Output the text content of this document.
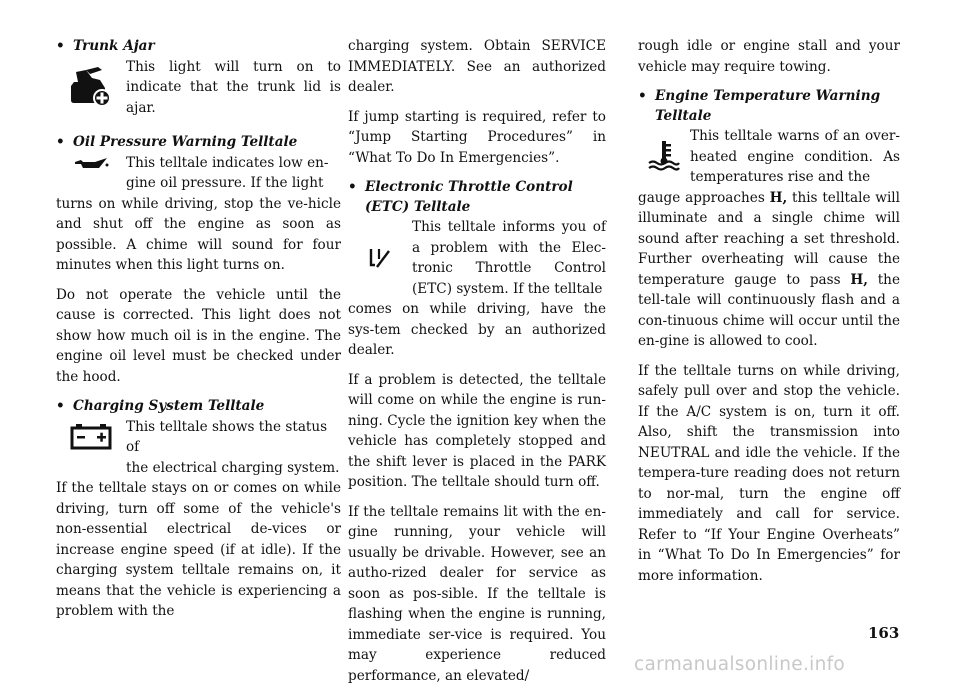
• Trunk Ajar
This light will turn on to indicate that the trunk lid is ajar.
• Oil Pressure Warning Telltale
This telltale indicates low en-
gine oil pressure. If the light

turns on while driving, stop the ve-hicle and shut off the engine as soon as possible. A chime will sound for four minutes when this light turns on.

Do not operate the vehicle until the cause is corrected. This light does not show how much oil is in the engine. The engine oil level must be checked under the hood.

• Charging System Telltale
This telltale shows the status of
the electrical charging system.

If the telltale stays on or comes on while driving, turn off some of the vehicle's non-essential electrical de-vices or increase engine speed (if at idle). If the charging system telltale remains on, it means that the vehicle is experiencing a problem with the

charging system. Obtain SERVICE IMMEDIATELY. See an authorized dealer.

If jump starting is required, refer to “Jump Starting Procedures” in “What To Do In Emergencies”.

• Electronic Throttle Control
(ETC) Telltale
This telltale informs you of a problem with the Elec-tronic Throttle Control (ETC) system. If the telltale

comes on while driving, have the sys-tem checked by an authorized dealer.

If a problem is detected, the telltale will come on while the engine is run-ning. Cycle the ignition key when the vehicle has completely stopped and the shift lever is placed in the PARK position. The telltale should turn off.

If the telltale remains lit with the en-gine running, your vehicle will usually be drivable. However, see an autho-rized dealer for service as soon as pos-sible. If the telltale is flashing when the engine is running, immediate ser-vice is required. You may experience reduced performance, an elevated/

rough idle or engine stall and your vehicle may require towing.

• Engine Temperature Warning
Telltale
This telltale warns of an over-heated engine condition. As temperatures rise and the

gauge approaches H, this telltale will illuminate and a single chime will sound after reaching a set threshold. Further overheating will cause the temperature gauge to pass H, the tell-tale will continuously flash and a con-tinuous chime will occur until the en-gine is allowed to cool.

If the telltale turns on while driving, safely pull over and stop the vehicle. If the A/C system is on, turn it off. Also, shift the transmission into NEUTRAL and idle the vehicle. If the tempera-ture reading does not return to nor-mal, turn the engine off immediately and call for service. Refer to “If Your Engine Overheats” in “What To Do In Emergencies” for more information.

163
carmanualsonline.info
